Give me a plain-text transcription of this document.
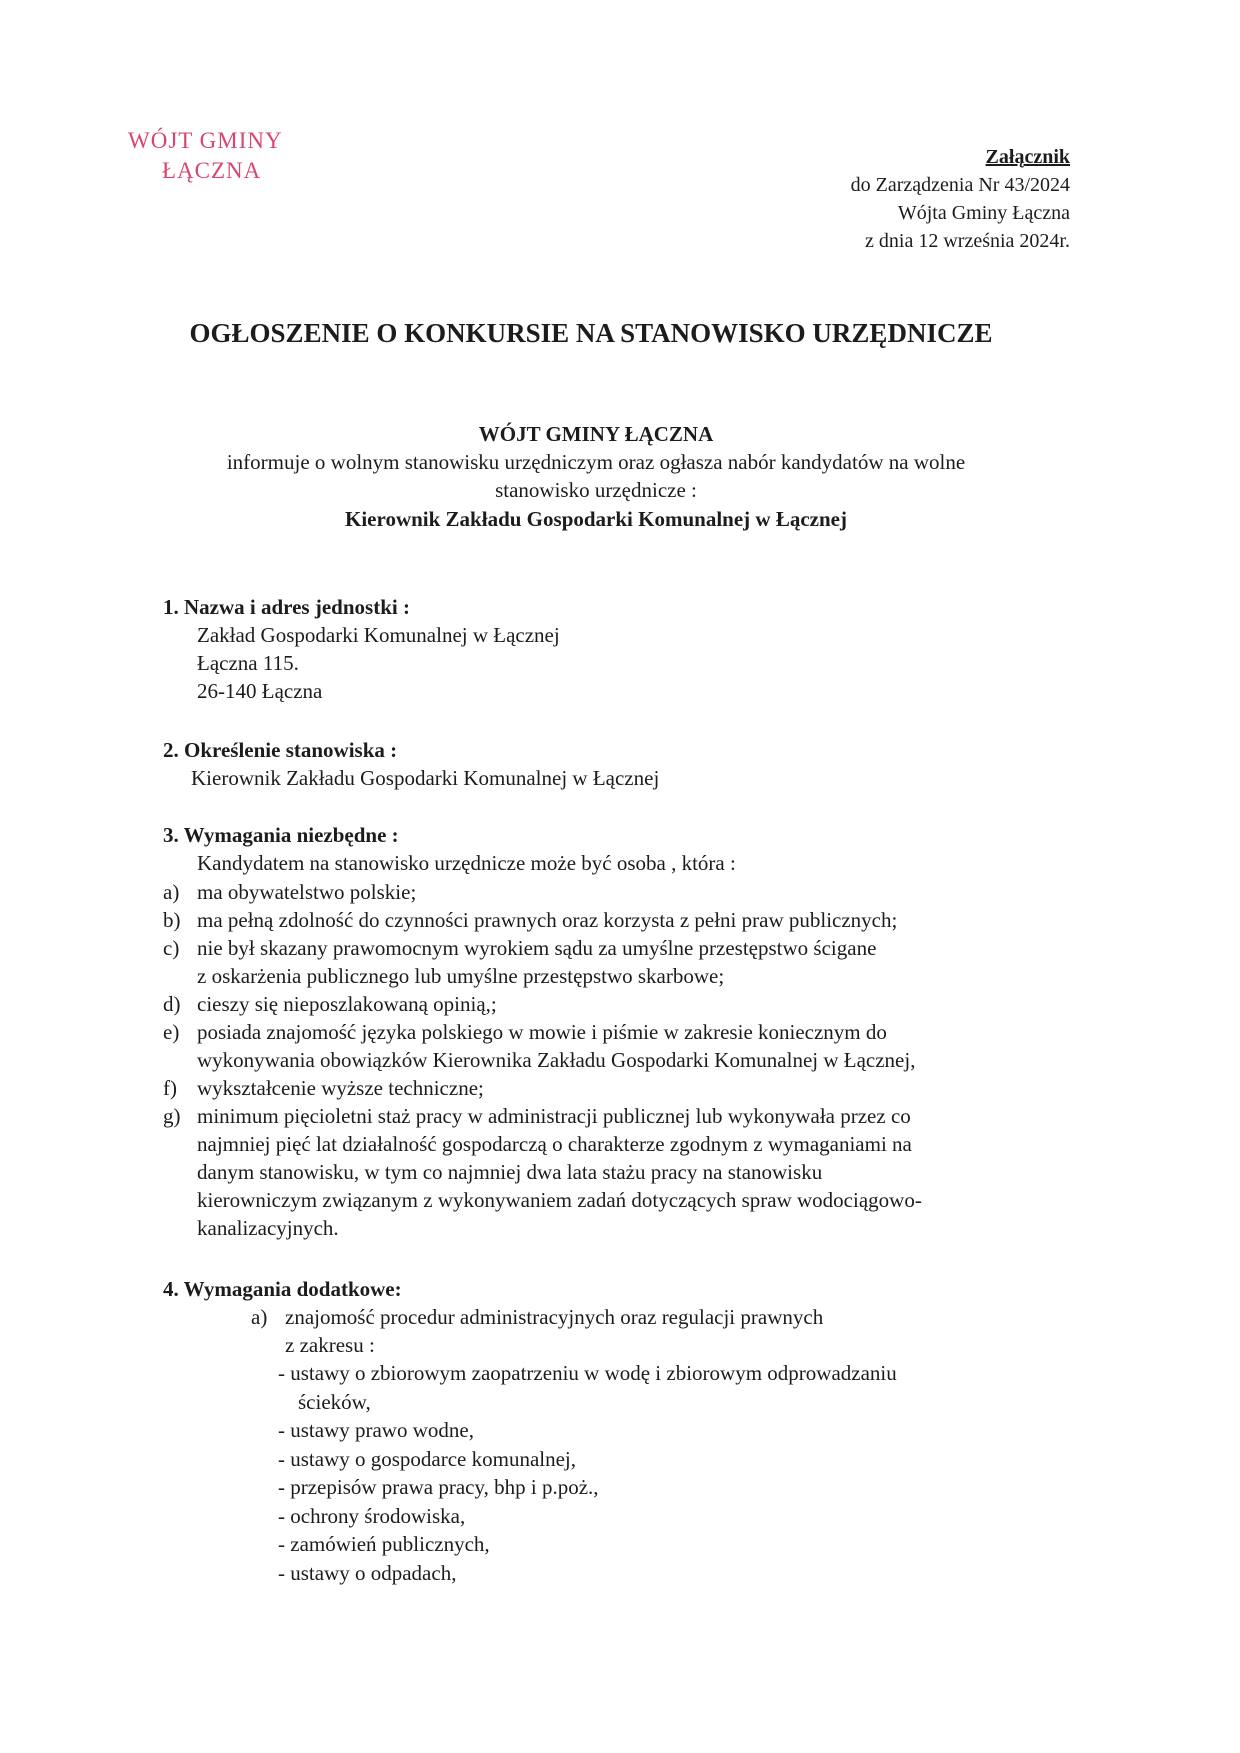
WÓJT GMINY
ŁĄCZNA
Załącznik
do Zarządzenia Nr 43/2024
Wójta Gminy Łączna
z dnia 12 września 2024r.
OGŁOSZENIE O KONKURSIE NA STANOWISKO URZĘDNICZE
WÓJT GMINY ŁĄCZNA
informuje o wolnym stanowisku urzędniczym oraz ogłasza nabór kandydatów na wolne
stanowisko urzędnicze :
Kierownik Zakładu Gospodarki Komunalnej w Łącznej
1. Nazwa i adres jednostki :
Zakład Gospodarki Komunalnej w Łącznej
Łączna 115.
26-140 Łączna
2. Określenie stanowiska :
Kierownik Zakładu Gospodarki Komunalnej w Łącznej
3. Wymagania niezbędne :
Kandydatem na stanowisko urzędnicze może być osoba , która :
a) ma obywatelstwo polskie;
b) ma pełną zdolność do czynności prawnych oraz korzysta z pełni praw publicznych;
c) nie był skazany prawomocnym wyrokiem sądu za umyślne przestępstwo ścigane
z oskarżenia publicznego lub umyślne przestępstwo skarbowe;
d) cieszy się nieposzlakowaną opinią,;
e) posiada znajomość języka polskiego w mowie i piśmie w zakresie koniecznym do
wykonywania obowiązków Kierownika Zakładu Gospodarki Komunalnej w Łącznej,
f) wykształcenie wyższe techniczne;
g) minimum pięcioletni staż pracy w administracji publicznej lub wykonywała przez co
najmniej pięć lat działalność gospodarczą o charakterze zgodnym z wymaganiami na
danym stanowisku, w tym co najmniej dwa lata stażu pracy na stanowisku
kierowniczym związanym z wykonywaniem zadań dotyczących spraw wodociągowo-
kanalizacyjnych.
4. Wymagania dodatkowe:
a) znajomość procedur administracyjnych oraz regulacji prawnych
z zakresu :
- ustawy o zbiorowym zaopatrzeniu w wodę i zbiorowym odprowadzaniu
ścieków,
- ustawy prawo wodne,
- ustawy o gospodarce komunalnej,
- przepisów prawa pracy, bhp i p.poż.,
- ochrony środowiska,
- zamówień publicznych,
- ustawy o odpadach,
